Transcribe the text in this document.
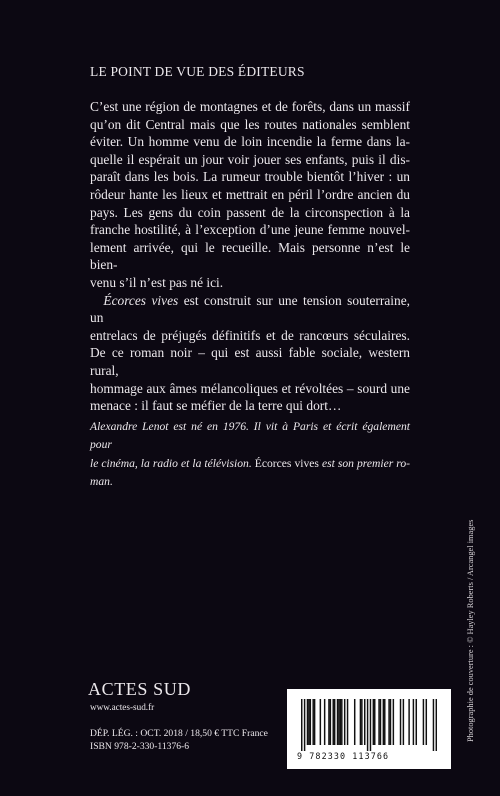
LE POINT DE VUE DES ÉDITEURS

C’est une région de montagnes et de forêts, dans un massif
qu’on dit Central mais que les routes nationales semblent
éviter. Un homme venu de loin incendie la ferme dans la-
quelle il espérait un jour voir jouer ses enfants, puis il dis-
paraît dans les bois. La rumeur trouble bientôt l’hiver : un
rôdeur hante les lieux et mettrait en péril l’ordre ancien du
pays. Les gens du coin passent de la circonspection à la
franche hostilité, à l’exception d’une jeune femme nouvel-
lement arrivée, qui le recueille. Mais personne n’est le bien-
venu s’il n’est pas né ici.

  Écorces vives est construit sur une tension souterraine, un
entrelacs de préjugés définitifs et de rancœurs séculaires.
De ce roman noir – qui est aussi fable sociale, western rural,
hommage aux âmes mélancoliques et révoltées – sourd une
menace : il faut se méfier de la terre qui dort…

Alexandre Lenot est né en 1976. Il vit à Paris et écrit également pour
le cinéma, la radio et la télévision. Écorces vives est son premier ro-
man.
Photographie de couverture : © Hayley Roberts / Arcangel images
ACTES SUD
www.actes-sud.fr
DÉP. LÉG. : OCT. 2018 / 18,50 € TTC France
ISBN 978-2-330-11376-6
9 782330 113766
